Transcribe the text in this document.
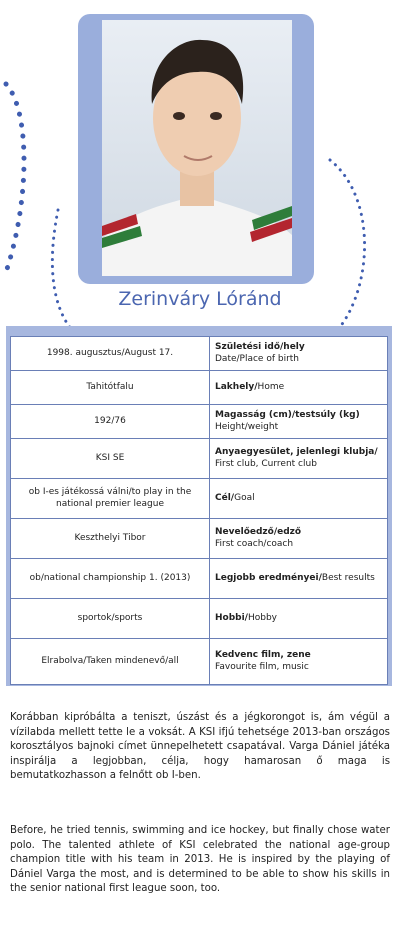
Zerinváry Lóránd
1998. augusztus/August 17.	Születési idő/hely
Date/Place of birth

Tahitótfalu	Lakhely/Home
192/76	Magasság (cm)/testsúly (kg)
Height/weight

KSI SE	Anyaegyesület, jelenlegi klubja/
First club, Current club

ob I-es játékossá válni/to play in the national premier league	Cél/Goal
Keszthelyi Tibor	Nevelőedző/edző
First coach/coach

ob/national championship 1. (2013)	Legjobb eredményei/Best results
sportok/sports	Hobbi/Hobby
Elrabolva/Taken mindenevő/all	Kedvenc film, zene
Favourite film, music

Korábban kipróbálta a teniszt, úszást és a jégkorongot is, ám végül a vízilabda mellett tette le a voksát. A KSI ifjú tehetsége 2013-ban országos korosztályos bajnoki címet ünnepelhetett csapatával. Varga Dániel játéka inspirálja a legjobban, célja, hogy hamarosan ő maga is bemutatkozhasson a felnőtt ob I-ben.

Before, he tried tennis, swimming and ice hockey, but finally chose water polo. The talented athlete of KSI celebrated the national age-group champion title with his team in 2013. He is inspired by the playing of Dániel Varga the most, and is determined to be able to show his skills in the senior national first league soon, too.
